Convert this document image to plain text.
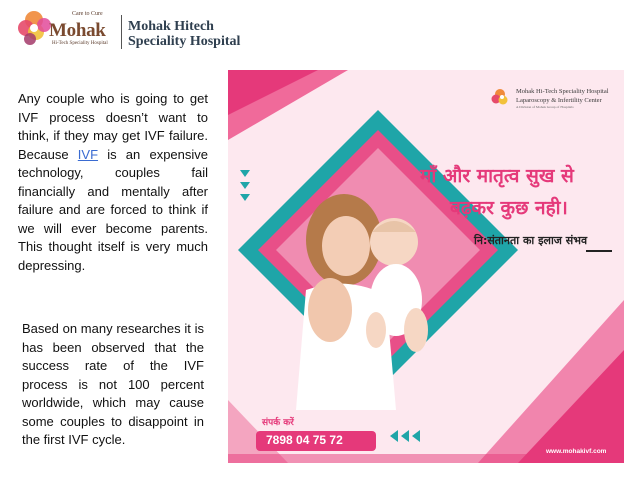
Care to Cure
Mohak
Hi-Tech Speciality Hospital
Mohak Hitech
Speciality Hospital

Any couple who is going to get IVF process doesn’t want to think, if they may get IVF failure. Because IVF is an expensive technology, couples fail financially and mentally after failure and are forced to think if we will ever become parents. This thought itself is very much depressing.

Based on many researches it is has been observed that the success rate of the IVF process is not 100 percent worldwide, which may cause some couples to disappoint in the first IVF cycle.

Mohak Hi-Tech Speciality Hospital
Laparoscopy & Infertility Center
A Division of Mohak Group of Hospitals
माँ और मातृत्व सुख से
बढ़कर कुछ नही।
नि:संतानता का इलाज संभव
संपर्क करें
7898 04 75 72
www.mohakivf.com
